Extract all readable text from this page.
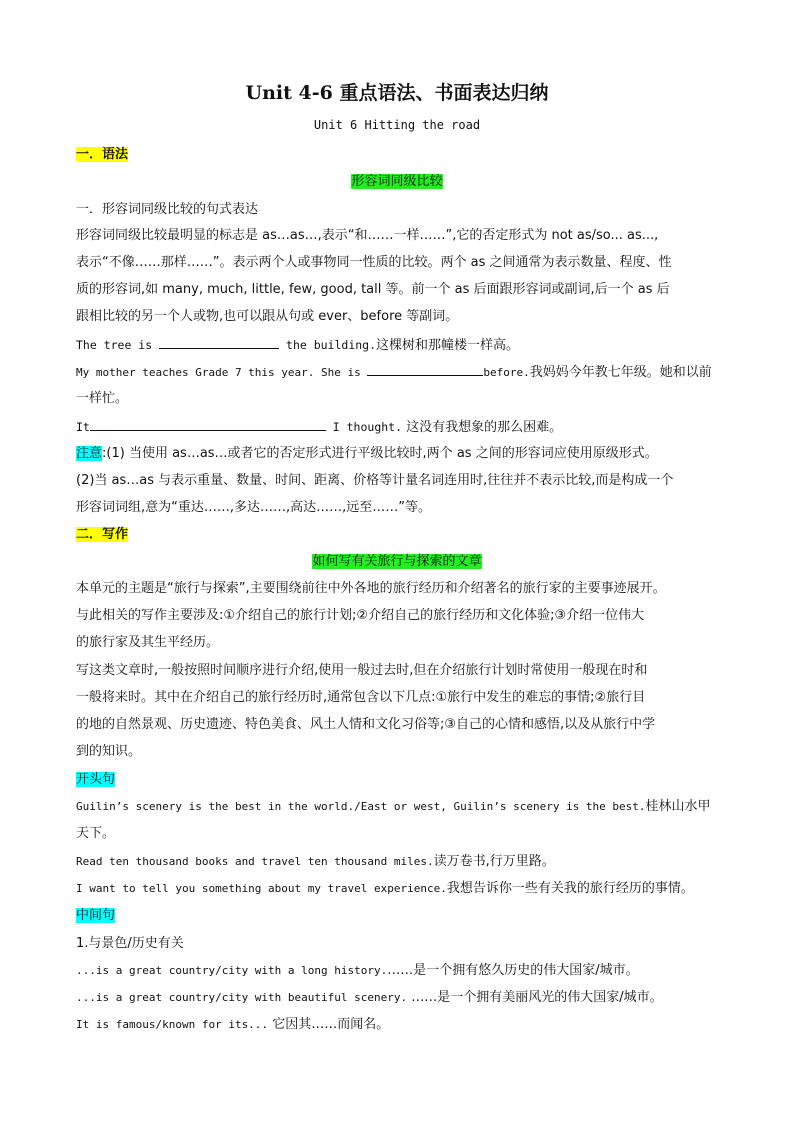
Unit 4-6 重点语法、书面表达归纳
Unit 6 Hitting the road
一．语法
形容词同级比较
一．形容词同级比较的句式表达
形容词同级比较最明显的标志是 as…as…,表示“和……一样……”,它的否定形式为 not as/so... as...,
表示“不像……那样……”。表示两个人或事物同一性质的比较。两个 as 之间通常为表示数量、程度、性
质的形容词,如 many, much, little, few, good, tall 等。前一个 as 后面跟形容词或副词,后一个 as 后
跟相比较的另一个人或物,也可以跟从句或 ever、before 等副词。
The tree is	the building.这棵树和那幢楼一样高。
My mother teaches Grade 7 this year. She is	before.我妈妈今年教七年级。她和以前
一样忙。
It	I thought. 这没有我想象的那么困难。
注意:(1) 当使用 as…as…或者它的否定形式进行平级比较时,两个 as 之间的形容词应使用原级形式。
(2)当 as…as 与表示重量、数量、时间、距离、价格等计量名词连用时,往往并不表示比较,而是构成一个
形容词词组,意为“重达……,多达……,高达……,远至……”等。
二．写作
如何写有关旅行与探索的文章
本单元的主题是“旅行与探索”,主要围绕前往中外各地的旅行经历和介绍著名的旅行家的主要事迹展开。
与此相关的写作主要涉及:①介绍自己的旅行计划;②介绍自己的旅行经历和文化体验;③介绍一位伟大
的旅行家及其生平经历。
写这类文章时,一般按照时间顺序进行介绍,使用一般过去时,但在介绍旅行计划时常使用一般现在时和
一般将来时。其中在介绍自己的旅行经历时,通常包含以下几点:①旅行中发生的难忘的事情;②旅行目
的地的自然景观、历史遗迹、特色美食、风土人情和文化习俗等;③自己的心情和感悟,以及从旅行中学
到的知识。
开头句
Guilin’s scenery is the best in the world./East or west, Guilin’s scenery is the best.桂林山水甲
天下。
Read ten thousand books and travel ten thousand miles.读万卷书,行万里路。
I want to tell you something about my travel experience.我想告诉你一些有关我的旅行经历的事情。
中间句
1.与景色/历史有关
...is a great country/city with a long history.……是一个拥有悠久历史的伟大国家/城市。
...is a great country/city with beautiful scenery. ……是一个拥有美丽风光的伟大国家/城市。
It is famous/known for its... 它因其……而闻名。
